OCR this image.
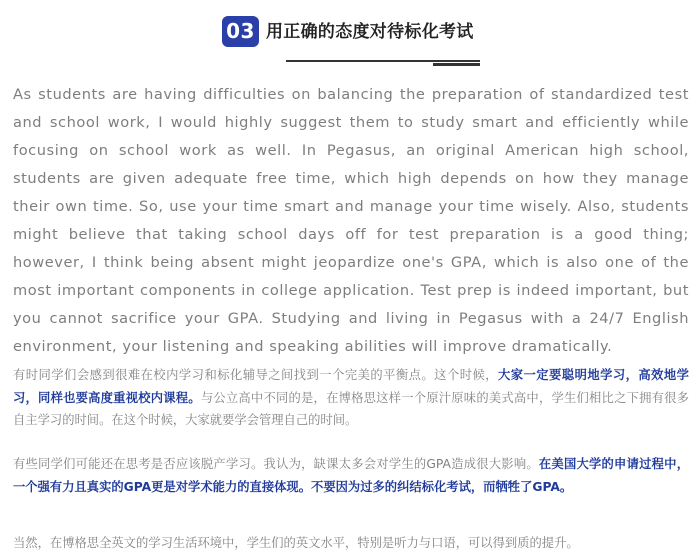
03 用正确的态度对待标化考试

As students are having difficulties on balancing the preparation of standardized test and school work, I would highly suggest them to study smart and efficiently while focusing on school work as well. In Pegasus, an original American high school, students are given adequate free time, which high depends on how they manage their own time. So, use your time smart and manage your time wisely. Also, students might believe that taking school days off for test preparation is a good thing; however, I think being absent might jeopardize one's GPA, which is also one of the most important components in college application. Test prep is indeed important, but you cannot sacrifice your GPA. Studying and living in Pegasus with a 24/7 English environment, your listening and speaking abilities will improve dramatically.

有时同学们会感到很难在校内学习和标化辅导之间找到一个完美的平衡点。这个时候，大家一定要聪明地学习，高效地学习，同样也要高度重视校内课程。与公立高中不同的是，在博格思这样一个原汁原味的美式高中，学生们相比之下拥有很多自主学习的时间。在这个时候，大家就要学会管理自己的时间。

有些同学们可能还在思考是否应该脱产学习。我认为，缺课太多会对学生的GPA造成很大影响。在美国大学的申请过程中，一个强有力且真实的GPA更是对学术能力的直接体现。不要因为过多的纠结标化考试，而牺牲了GPA。

当然，在博格思全英文的学习生活环境中，学生们的英文水平，特别是听力与口语，可以得到质的提升。
